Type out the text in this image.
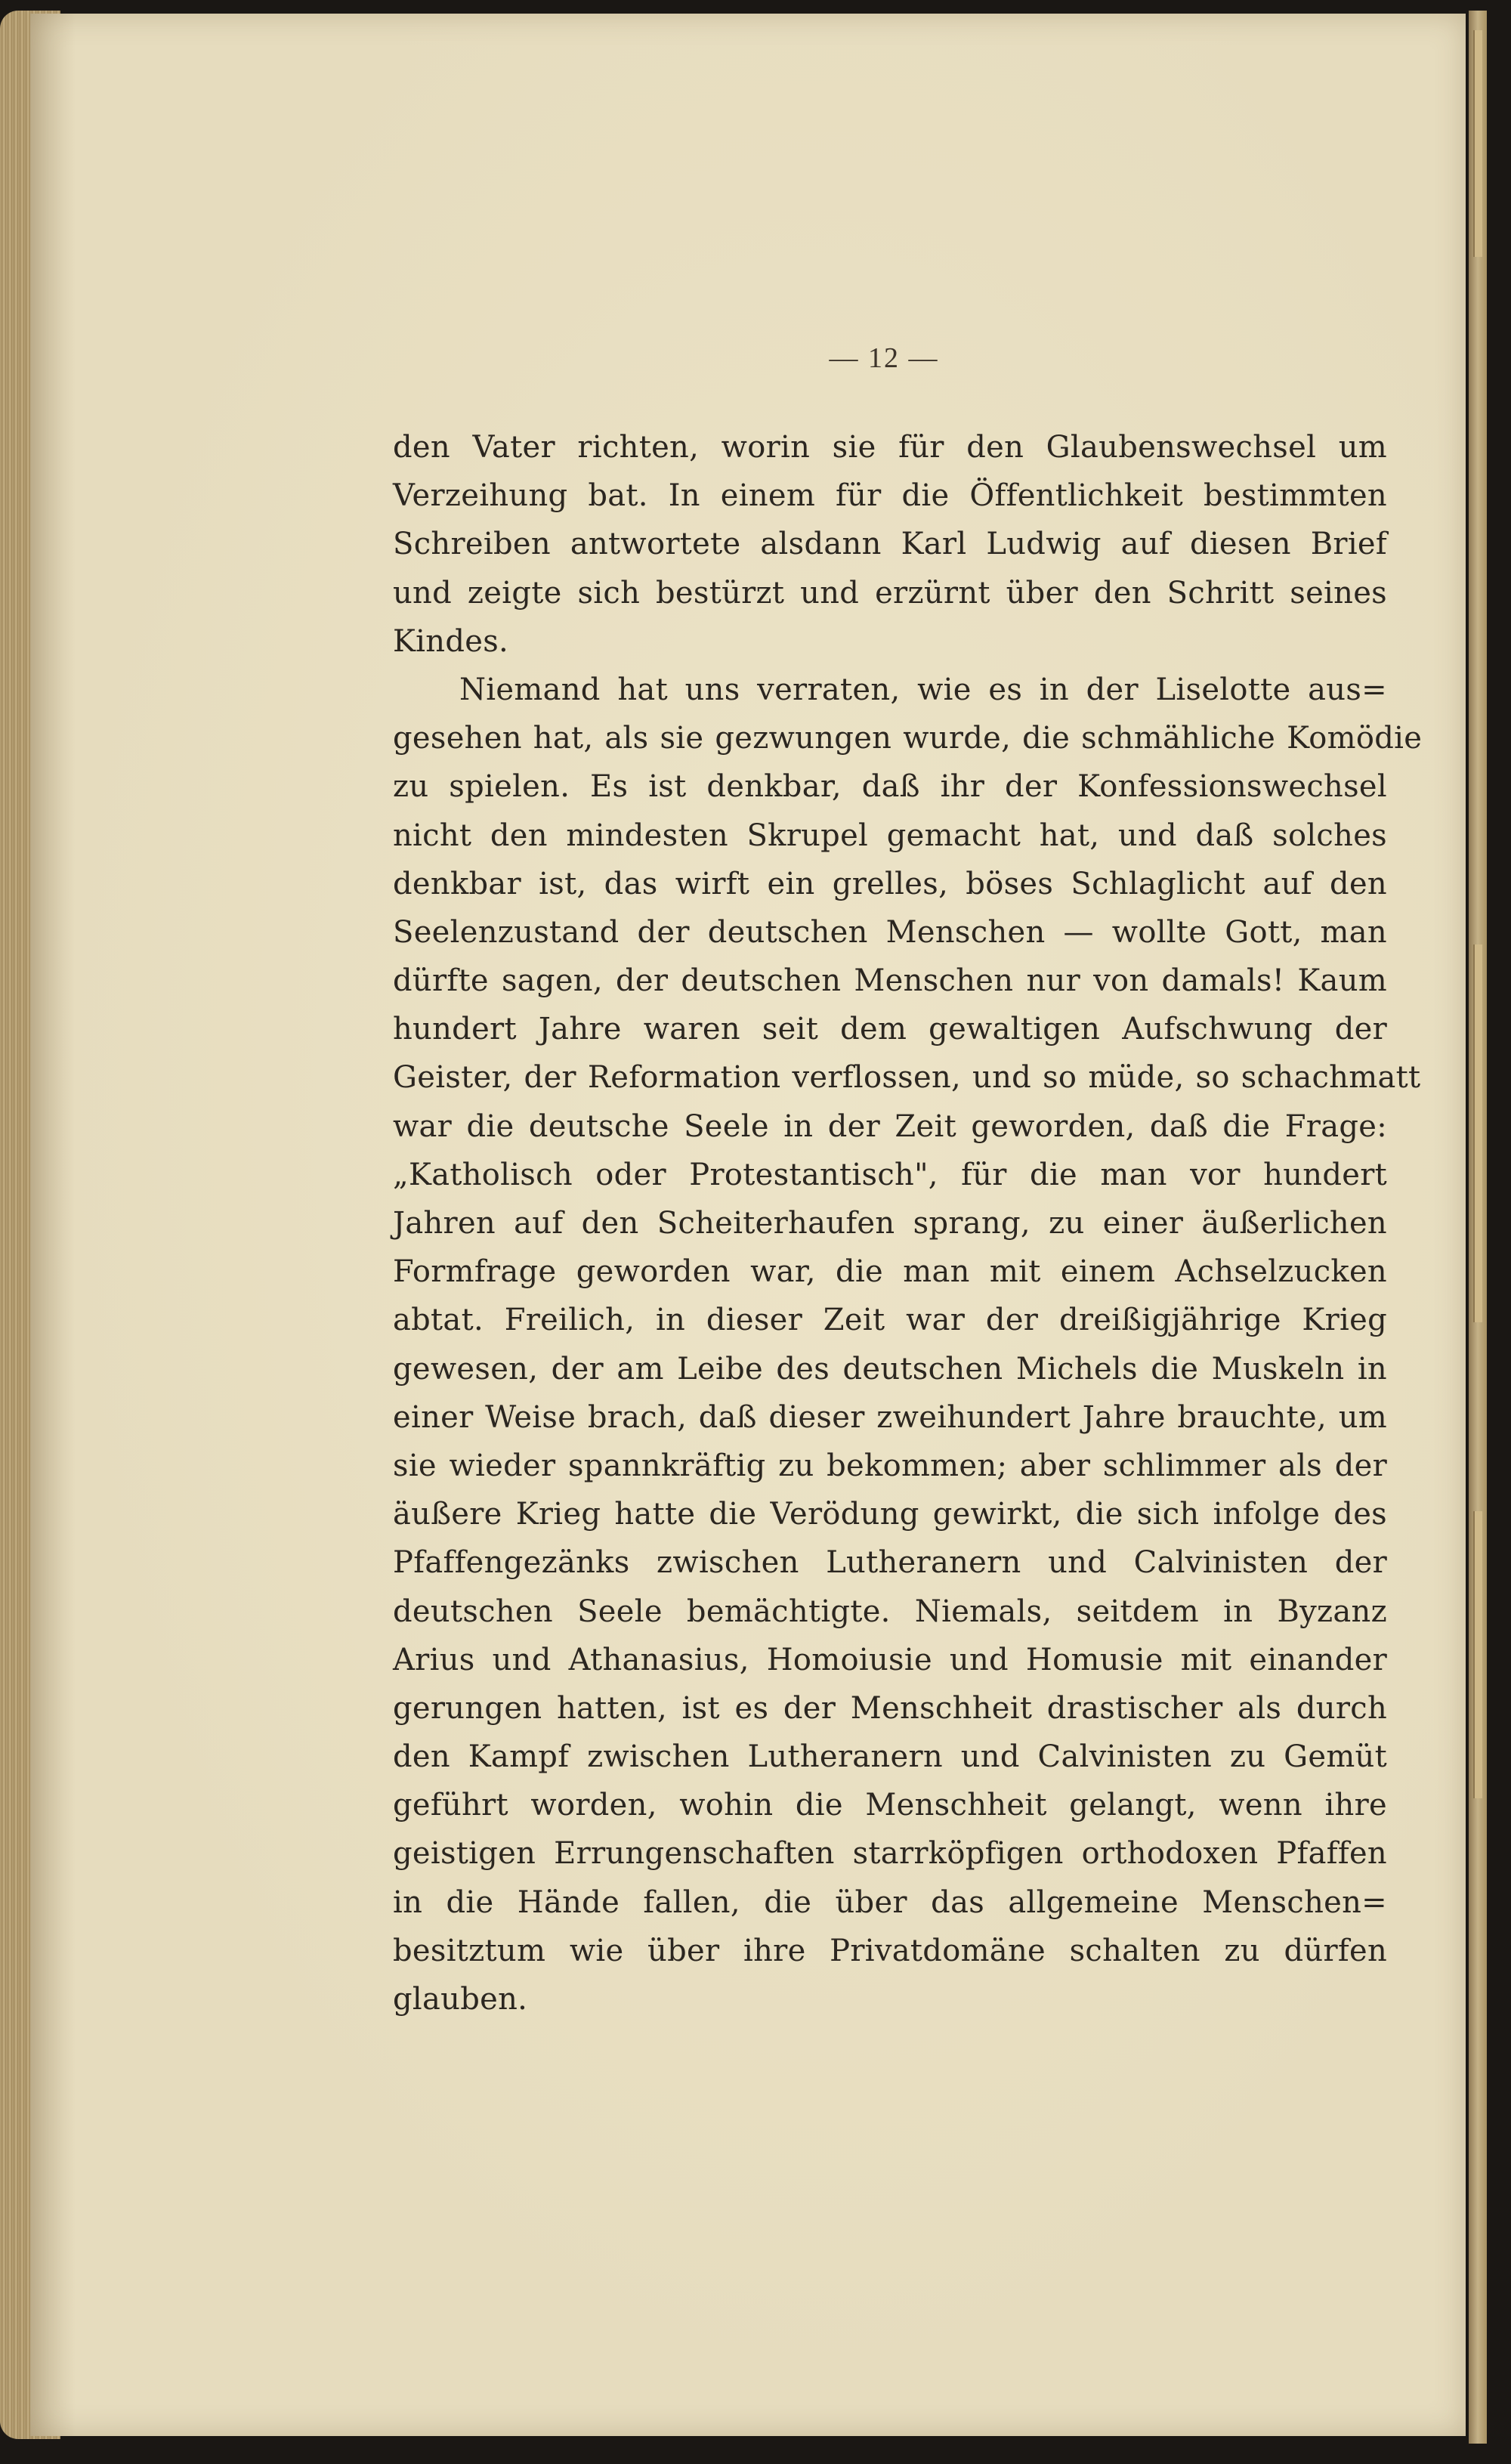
— 12 —
den Vater richten, worin sie für den Glaubenswechsel um
Verzeihung bat. In einem für die Öffentlichkeit bestimmten
Schreiben antwortete alsdann Karl Ludwig auf diesen Brief
und zeigte sich bestürzt und erzürnt über den Schritt seines
Kindes.
Niemand hat uns verraten, wie es in der Liselotte aus=
gesehen hat, als sie gezwungen wurde, die schmähliche Komödie
zu spielen. Es ist denkbar, daß ihr der Konfessionswechsel
nicht den mindesten Skrupel gemacht hat, und daß solches
denkbar ist, das wirft ein grelles, böses Schlaglicht auf den
Seelenzustand der deutschen Menschen — wollte Gott, man
dürfte sagen, der deutschen Menschen nur von damals! Kaum
hundert Jahre waren seit dem gewaltigen Aufschwung der
Geister, der Reformation verflossen, und so müde, so schachmatt
war die deutsche Seele in der Zeit geworden, daß die Frage:
„Katholisch oder Protestantisch", für die man vor hundert
Jahren auf den Scheiterhaufen sprang, zu einer äußerlichen
Formfrage geworden war, die man mit einem Achselzucken
abtat. Freilich, in dieser Zeit war der dreißigjährige Krieg
gewesen, der am Leibe des deutschen Michels die Muskeln in
einer Weise brach, daß dieser zweihundert Jahre brauchte, um
sie wieder spannkräftig zu bekommen; aber schlimmer als der
äußere Krieg hatte die Verödung gewirkt, die sich infolge des
Pfaffengezänks zwischen Lutheranern und Calvinisten der
deutschen Seele bemächtigte. Niemals, seitdem in Byzanz
Arius und Athanasius, Homoiusie und Homusie mit einander
gerungen hatten, ist es der Menschheit drastischer als durch
den Kampf zwischen Lutheranern und Calvinisten zu Gemüt
geführt worden, wohin die Menschheit gelangt, wenn ihre
geistigen Errungenschaften starrköpfigen orthodoxen Pfaffen
in die Hände fallen, die über das allgemeine Menschen=
besitztum wie über ihre Privatdomäne schalten zu dürfen
glauben.
